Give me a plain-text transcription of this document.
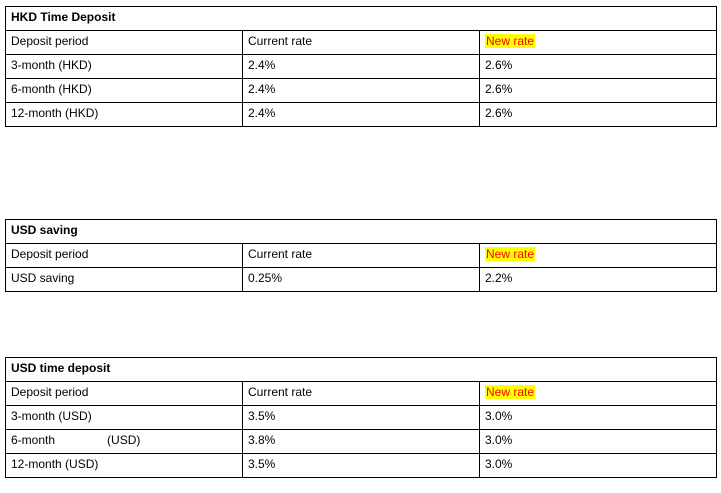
HKD Time Deposit		
Deposit period	Current rate	New rate
3-month (HKD)	2.4%	2.6%
6-month (HKD)	2.4%	2.6%
12-month (HKD)	2.4%	2.6%
USD saving		
Deposit period	Current rate	New rate
USD saving	0.25%	2.2%
USD time deposit		
Deposit period	Current rate	New rate
3-month (USD)	3.5%	3.0%
6-month (USD)	3.8%	3.0%
12-month (USD)	3.5%	3.0%
